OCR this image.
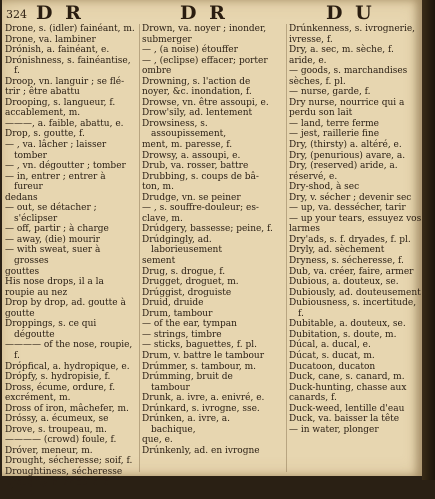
324 D R	D R	D U
Drone, s. (idler) fainéant, m.
Drone, va. lambiner
Drónish, a. fainéant, e.
Drónishness, s. fainéantise, f.
Droop, vn. languir ; se flé-
trir ; être abattu
Drooping, s. langueur, f.
accablement, m.
———, a. faible, abattu, e.
Drop, s. goutte, f.
— , va. lâcher ; laisser tomber
— , vn. dégoutter ; tomber
— in, entrer ; entrer à fureur
dedans
— out, se détacher ; s'éclipser
— off, partir ; à charge
— away, (die) mourir
— with sweat, suer à grosses
gouttes
His nose drops, il a la
roupie au nez
Drop by drop, ad. goutte à
goutte
Droppings, s. ce qui dégoutte
———— of the nose, roupie, f.
Drópfical, a. hydropique, e.
Drópfy, s. hydropisie, f.
Dross, écume, ordure, f.
excrément, m.
Dross of iron, mâchefer, m.
Dróssy, a. écumeux, se
Drove, s. troupeau, m.
———— (crowd) foule, f.
Dróver, meneur, m.
Drought, sécheresse; soif, f.
Droughtiness, sécheresse
Droughty, a. aride, a. al-
téré, e.
Drown, va. noyer ; inonder,
submerger
— , (a noise) étouffer
— , (eclipse) effacer; porter
ombre
Drowning, s. l'action de
noyer, &c. inondation, f.
Drowse, vn. être assoupi, e.
Drow'sily, ad. lentement
Drowsiness, s. assoupissement,
ment, m. paresse, f.
Drowsy, a. assoupi, e.
Drub, va. rosser, battre
Drubbing, s. coups de bâ-
ton, m.
Drudge, vn. se peiner
— , s. souffre-douleur; es-
clave, m.
Drúdgery, bassesse; peine, f.
Drúdgingly, ad. laborieusement
sement
Drug, s. drogue, f.
Drugget, droguet, m.
Drúggist, droguiste
Druid, druide
Drum, tambour
— of the ear, tympan
— strings, timbre
— sticks, baguettes, f. pl.
Drum, v. battre le tambour
Drúmmer, s. tambour, m.
Drúmming, bruit de tambour
Drunk, a. ivre, a. enivré, e.
Drúnkard, s. ivrogne, sse.
Drúnken, a. ivre, a. bachique,
que, e.
Drúnkenly, ad. en ivrogne
Drúnkenness, s. ivrognerie,
ivresse, f.
Dry, a. sec, m. sèche, f.
aride, e.
— goods, s. marchandises
sèches, f. pl.
— nurse, garde, f.
Dry nurse, nourrice qui a
perdu son lait
— land, terre ferme
— jest, raillerie fine
Dry, (thirsty) a. altéré, e.
Dry, (penurious) avare, a.
Dry, (reserved) aride, a.
réservé, e.
Dry-shod, à sec
Dry, v. sécher ; devenir sec
— up, va. dessécher, tarir
— up your tears, essuyez vos
larmes
Dry'ads, s. f. dryades, f. pl.
Dryly, ad. sèchement
Dryness, s. sécheresse, f.
Dub, va. créer, faire, armer
Dubious, a. douteux, se.
Dubiously, ad. douteusement
Dubiousness, s. incertitude, f.
Dubitable, a. douteux, se.
Dubitation, s. doute, m.
Dúcal, a. ducal, e.
Dúcat, s. ducat, m.
Ducatoon, ducaton
Duck, cane, s. canard, m.
Duck-hunting, chasse aux
canards, f.
Duck-weed, lentille d'eau
Duck, va. baisser la tête
— in water, plonger
